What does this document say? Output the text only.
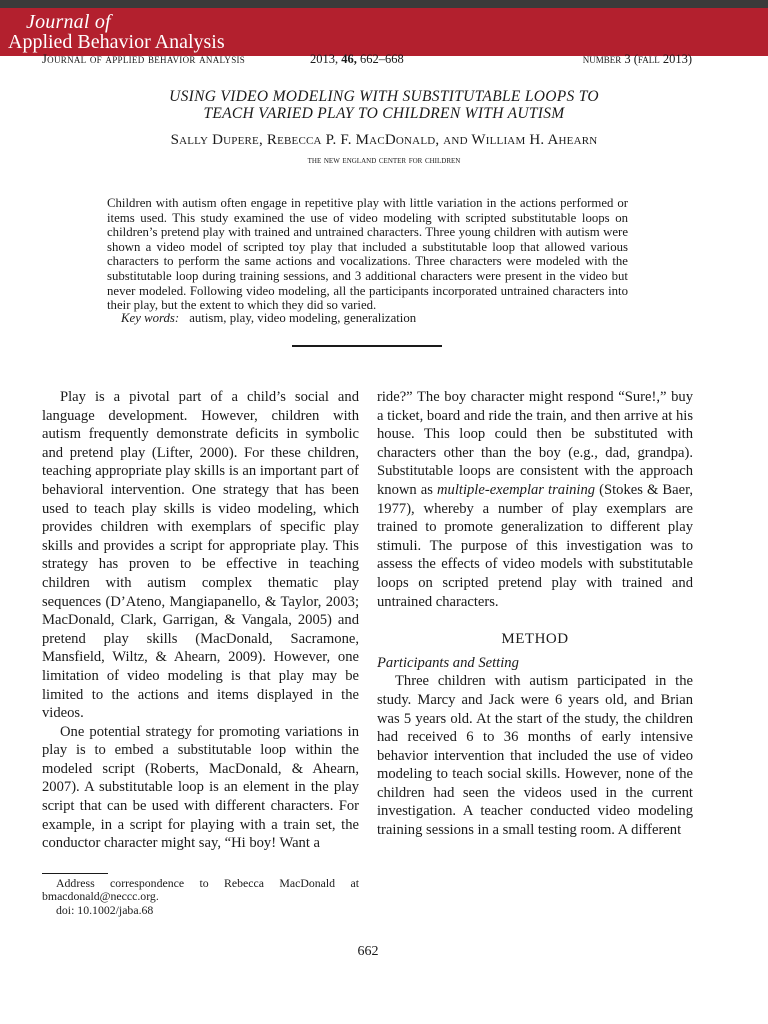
Journal of
Applied Behavior Analysis
Journal of applied behavior analysis	2013, 46, 662–668	number 3 (fall 2013)
USING VIDEO MODELING WITH SUBSTITUTABLE LOOPS TO
TEACH VARIED PLAY TO CHILDREN WITH AUTISM
Sally Dupere, Rebecca P. F. MacDonald, and William H. Ahearn
the new england center for children
Children with autism often engage in repetitive play with little variation in the actions performed or items used. This study examined the use of video modeling with scripted substitutable loops on children’s pretend play with trained and untrained characters. Three young children with autism were shown a video model of scripted toy play that included a substitutable loop that allowed various characters to perform the same actions and vocalizations. Three characters were modeled with the substitutable loop during training sessions, and 3 additional characters were present in the video but never modeled. Following video modeling, all the participants incorporated untrained characters into their play, but the extent to which they did so varied.
Key words: autism, play, video modeling, generalization

Play is a pivotal part of a child’s social and language development. However, children with autism frequently demonstrate deficits in symbolic and pretend play (Lifter, 2000). For these children, teaching appropriate play skills is an important part of behavioral intervention. One strategy that has been used to teach play skills is video modeling, which provides children with exemplars of specific play skills and provides a script for appropriate play. This strategy has proven to be effective in teaching children with autism complex thematic play sequences (D’Ateno, Mangiapanello, & Taylor, 2003; MacDonald, Clark, Garrigan, & Vangala, 2005) and pretend play skills (MacDonald, Sacramone, Mansfield, Wiltz, & Ahearn, 2009). However, one limitation of video modeling is that play may be limited to the actions and items displayed in the videos.

One potential strategy for promoting variations in play is to embed a substitutable loop within the modeled script (Roberts, MacDonald, & Ahearn, 2007). A substitutable loop is an element in the play script that can be used with different characters. For example, in a script for playing with a train set, the conductor character might say, “Hi boy! Want a

ride?” The boy character might respond “Sure!,” buy a ticket, board and ride the train, and then arrive at his house. This loop could then be substituted with characters other than the boy (e.g., dad, grandpa). Substitutable loops are consistent with the approach known as multiple-exemplar training (Stokes & Baer, 1977), whereby a number of play exemplars are trained to promote generalization to different play stimuli. The purpose of this investigation was to assess the effects of video models with substitutable loops on scripted pretend play with trained and untrained characters.

METHOD

Participants and Setting

Three children with autism participated in the study. Marcy and Jack were 6 years old, and Brian was 5 years old. At the start of the study, the children had received 6 to 36 months of early intensive behavior intervention that included the use of video modeling to teach social skills. However, none of the children had seen the videos used in the current investigation. A teacher conducted video modeling training sessions in a small testing room. A different

Address correspondence to Rebecca MacDonald at bmacdonald@neccc.org.

doi: 10.1002/jaba.68

662
